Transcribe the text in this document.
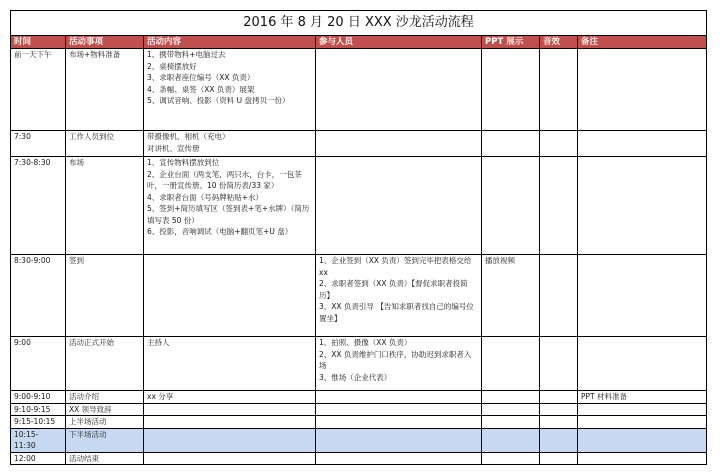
2016 年 8 月 20 日 XXX 沙龙活动流程						
时间	活动事项	活动内容	参与人员	PPT 展示	音效	备注
前一天下午	布场+物料准备	1、携带物料+电脑过去
2、桌椅摆放好
3、求职者座位编号（XX 负责）
4、条幅、桌签（XX 负责）展架
5、调试音响、投影（资料 U 盘拷贝一份）				

7:30	工作人员到位	带摄像机、相机（充电）
对讲机、宣传册				

7:30-8:30	布场	1、宣传物料摆放到位
2、企业台面（两支笔，两只水，台卡，一包茶叶，一册宣传册、10 份简历表/33 家）
4、求职者台面（号码牌粘贴+水）
5、签到+简历填写区（签到表+笔+水牌）（简历填写表 50 份）
6、投影，音响调试（电脑+翻页笔+U 盘）				

8:30-9:00	签到		1、企业签到（XX 负责）签到完毕把表格交给 xx
2、求职者签到（XX 负责）【督促求职者投简历】
3、XX 负责引导 【告知求职者找自己的编号位置坐】	播放视频		
9:00	活动正式开始	主持人	1、拍照、摄像（XX 负责）
2、XX 负责维护门口秩序，协助迟到求职者入场
3、惟场（企业代表）			

9:00-9:10	活动介绍	xx 分享				PPT 材料准备
9:10-9:15	XX 领导致辞					
9:15-10:15	上半场活动					
10:15- 11:30	下半场活动					
12:00	活动结束					
